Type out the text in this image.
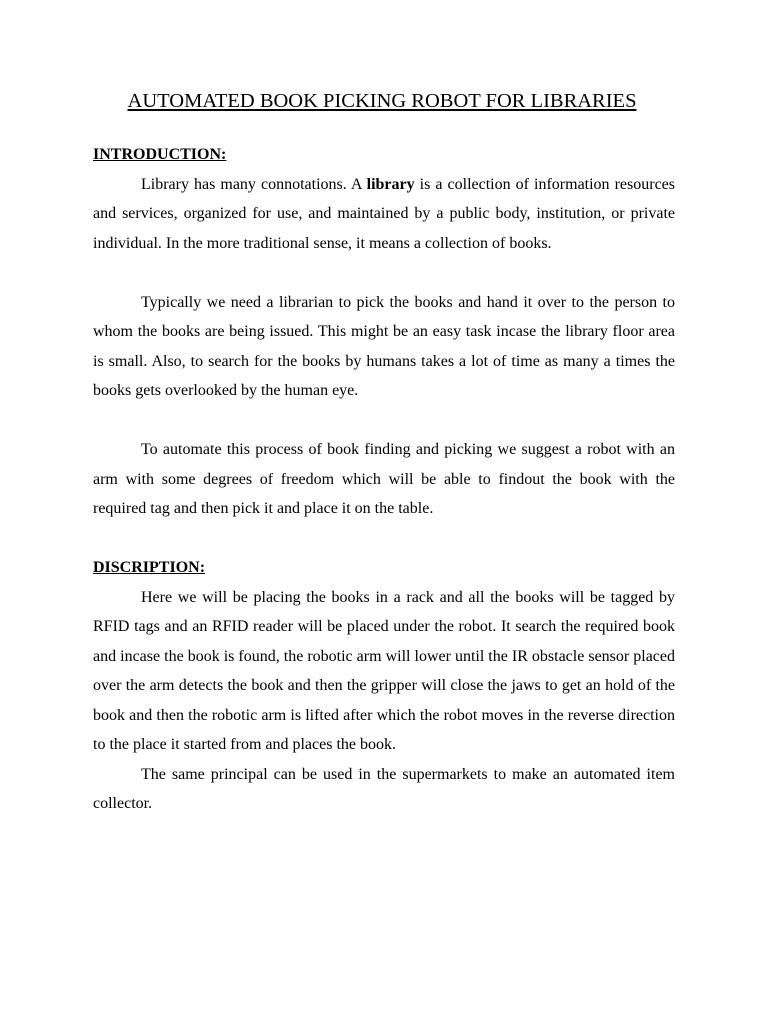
AUTOMATED BOOK PICKING ROBOT FOR LIBRARIES
INTRODUCTION:

Library has many connotations. A library is a collection of information resources and services, organized for use, and maintained by a public body, institution, or private individual. In the more traditional sense, it means a collection of books.

Typically we need a librarian to pick the books and hand it over to the person to whom the books are being issued. This might be an easy task incase the library floor area is small. Also, to search for the books by humans takes a lot of time as many a times the books gets overlooked by the human eye.

To automate this process of book finding and picking we suggest a robot with an arm with some degrees of freedom which will be able to findout the book with the required tag and then pick it and place it on the table.

DISCRIPTION:

Here we will be placing the books in a rack and all the books will be tagged by RFID tags and an RFID reader will be placed under the robot. It search the required book and incase the book is found, the robotic arm will lower until the IR obstacle sensor placed over the arm detects the book and then the gripper will close the jaws to get an hold of the book and then the robotic arm is lifted after which the robot moves in the reverse direction to the place it started from and places the book.

The same principal can be used in the supermarkets to make an automated item collector.
